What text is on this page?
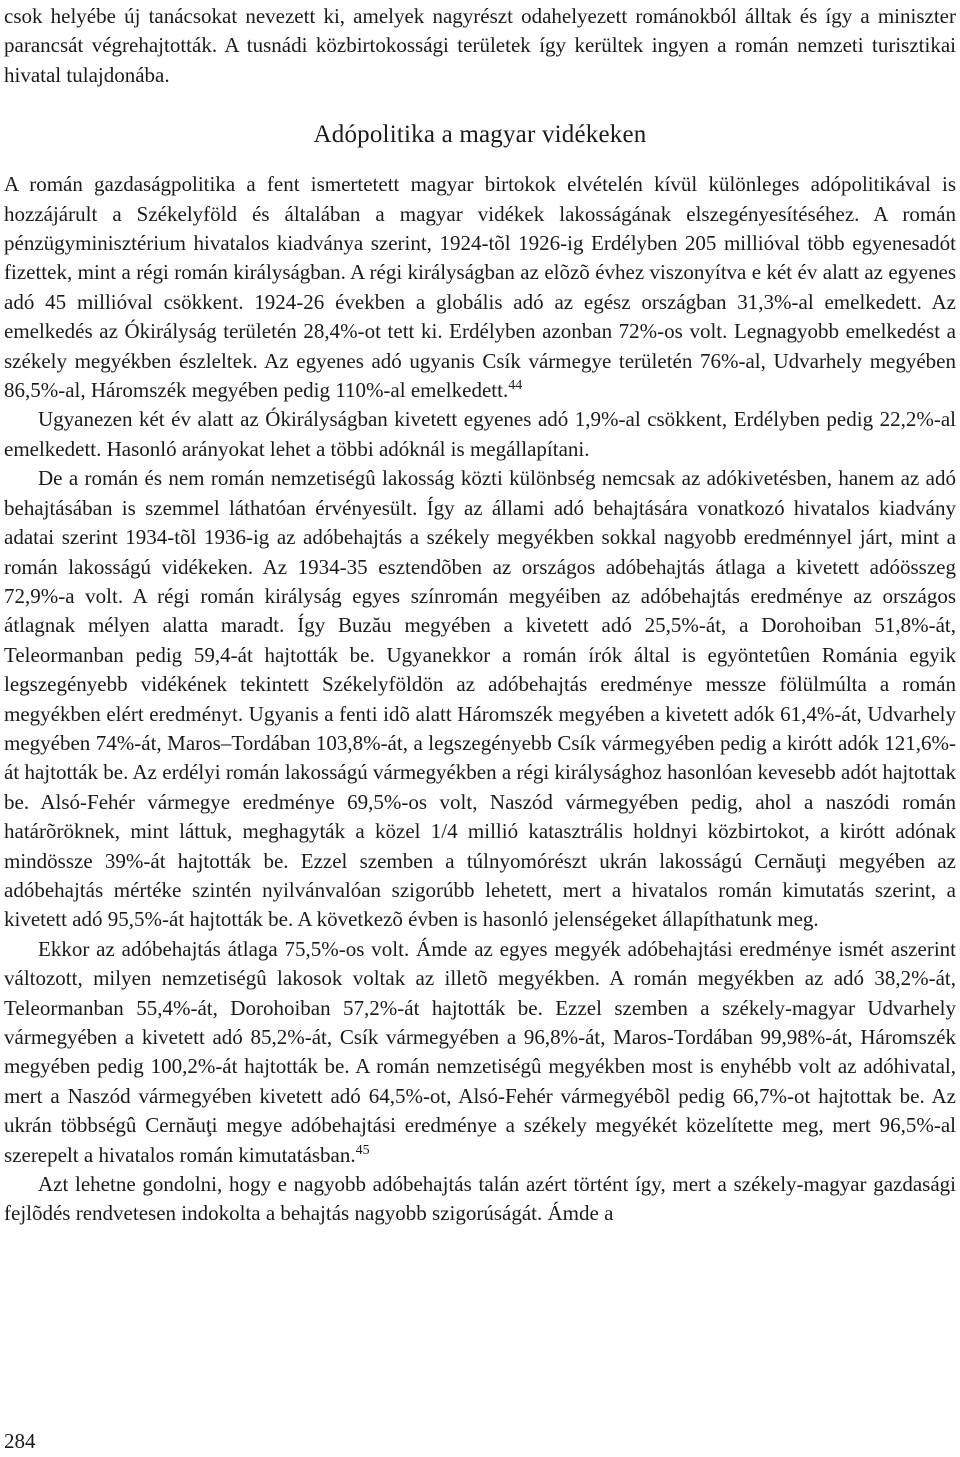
csok helyébe új tanácsokat nevezett ki, amelyek nagyrészt odahelyezett románokból álltak és így a miniszter parancsát végrehajtották. A tusnádi közbirtokossági területek így kerültek ingyen a román nemzeti turisztikai hivatal tulajdonába.

Adópolitika a magyar vidékeken

A román gazdaságpolitika a fent ismertetett magyar birtokok elvételén kívül különleges adópolitikával is hozzájárult a Székelyföld és általában a magyar vidékek lakosságának elszegényesítéséhez. A román pénzügyminisztérium hivatalos kiadványa szerint, 1924-tõl 1926-ig Erdélyben 205 millióval több egyenesadót fizettek, mint a régi román királyságban. A régi királyságban az elõzõ évhez viszonyítva e két év alatt az egyenes adó 45 millióval csökkent. 1924-26 években a globális adó az egész országban 31,3%-al emelkedett. Az emelkedés az Ókirályság területén 28,4%-ot tett ki. Erdélyben azonban 72%-os volt. Legnagyobb emelkedést a székely megyékben észleltek. Az egyenes adó ugyanis Csík vármegye területén 76%-al, Udvarhely megyében 86,5%-al, Háromszék megyében pedig 110%-al emelkedett.$^{44}$

Ugyanezen két év alatt az Ókirályságban kivetett egyenes adó 1,9%-al csökkent, Erdélyben pedig 22,2%-al emelkedett. Hasonló arányokat lehet a többi adóknál is megállapítani.

De a román és nem román nemzetiségû lakosság közti különbség nemcsak az adókivetésben, hanem az adó behajtásában is szemmel láthatóan érvényesült. Így az állami adó behajtására vonatkozó hivatalos kiadvány adatai szerint 1934-tõl 1936-ig az adóbehajtás a székely megyékben sokkal nagyobb eredménnyel járt, mint a román lakosságú vidékeken. Az 1934-35 esztendõben az országos adóbehajtás átlaga a kivetett adóösszeg 72,9%-a volt. A régi román királyság egyes színromán megyéiben az adóbehajtás eredménye az országos átlagnak mélyen alatta maradt. Így Buzău megyében a kivetett adó 25,5%-át, a Dorohoiban 51,8%-át, Teleormanban pedig 59,4-át hajtották be. Ugyanekkor a román írók által is egyöntetûen Románia egyik legszegényebb vidékének tekintett Székelyföldön az adóbehajtás eredménye messze fölülmúlta a román megyékben elért eredményt. Ugyanis a fenti idõ alatt Háromszék megyében a kivetett adók 61,4%-át, Udvarhely megyében 74%-át, Maros–Tordában 103,8%-át, a legszegényebb Csík vármegyében pedig a kirótt adók 121,6%-át hajtották be. Az erdélyi román lakosságú vármegyékben a régi királysághoz hasonlóan kevesebb adót hajtottak be. Alsó-Fehér vármegye eredménye 69,5%-os volt, Naszód vármegyében pedig, ahol a naszódi román határõröknek, mint láttuk, meghagyták a közel 1/4 millió katasztrális holdnyi közbirtokot, a kirótt adónak mindössze 39%-át hajtották be. Ezzel szemben a túlnyomórészt ukrán lakosságú Cernăuţi megyében az adóbehajtás mértéke szintén nyilvánvalóan szigorúbb lehetett, mert a hivatalos román kimutatás szerint, a kivetett adó 95,5%-át hajtották be. A következõ évben is hasonló jelenségeket állapíthatunk meg.

Ekkor az adóbehajtás átlaga 75,5%-os volt. Ámde az egyes megyék adóbehajtási eredménye ismét aszerint változott, milyen nemzetiségû lakosok voltak az illetõ megyékben. A román megyékben az adó 38,2%-át, Teleormanban 55,4%-át, Dorohoiban 57,2%-át hajtották be. Ezzel szemben a székely-magyar Udvarhely vármegyében a kivetett adó 85,2%-át, Csík vármegyében a 96,8%-át, Maros-Tordában 99,98%-át, Háromszék megyében pedig 100,2%-át hajtották be. A román nemzetiségû megyékben most is enyhébb volt az adóhivatal, mert a Naszód vármegyében kivetett adó 64,5%-ot, Alsó-Fehér vármegyébõl pedig 66,7%-ot hajtottak be. Az ukrán többségû Cernăuţi megye adóbehajtási eredménye a székely megyékét közelítette meg, mert 96,5%-al szerepelt a hivatalos román kimutatásban.$^{45}$

Azt lehetne gondolni, hogy e nagyobb adóbehajtás talán azért történt így, mert a székely-magyar gazdasági fejlõdés rendvetesen indokolta a behajtás nagyobb szigorúságát. Ámde a

284
